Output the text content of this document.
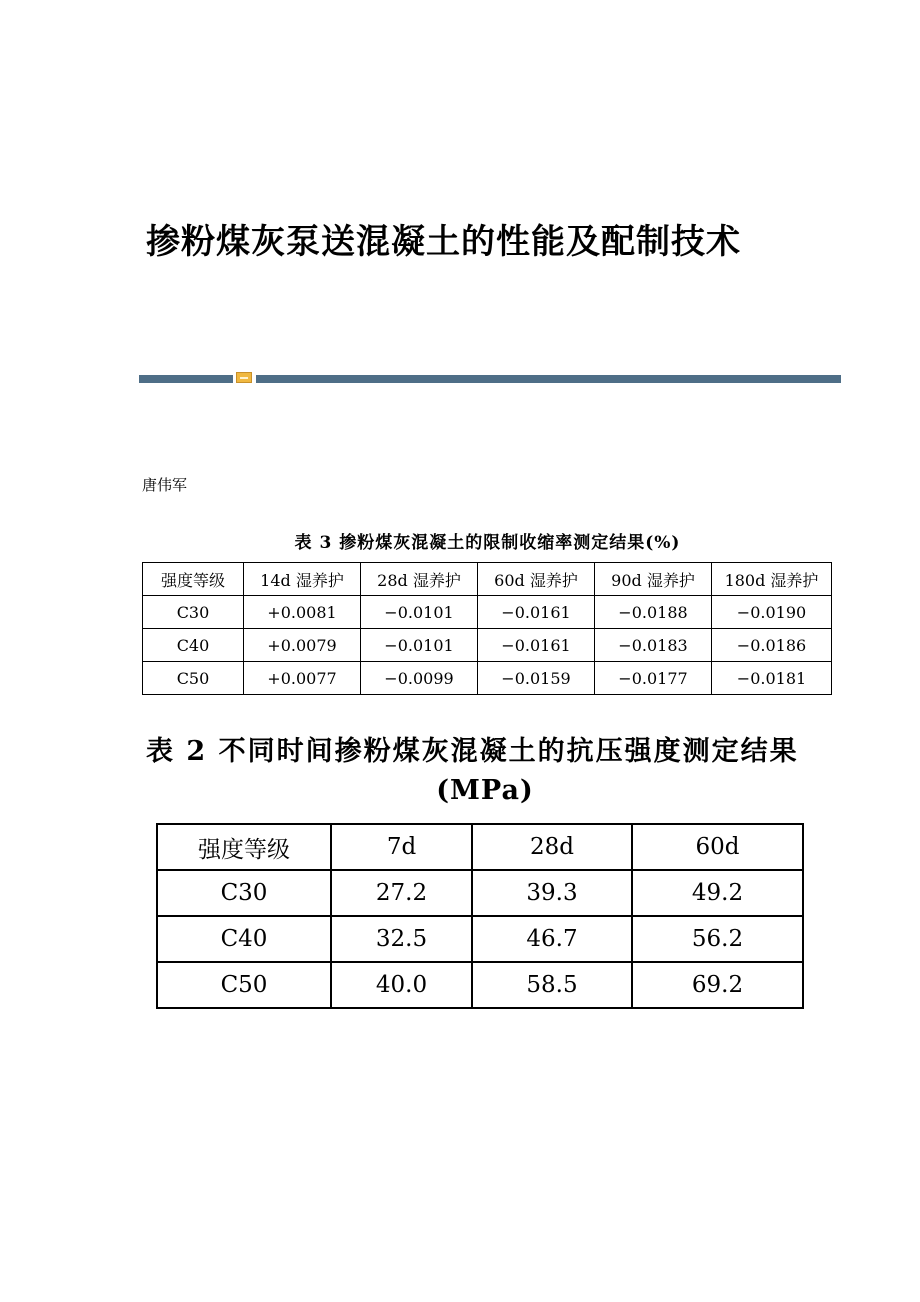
掺粉煤灰泵送混凝土的性能及配制技术
唐伟军
表 3 掺粉煤灰混凝土的限制收缩率测定结果(%)
强度等级	14d 湿养护	28d 湿养护	60d 湿养护	90d 湿养护	180d 湿养护
C30	+0.0081	−0.0101	−0.0161	−0.0188	−0.0190
C40	+0.0079	−0.0101	−0.0161	−0.0183	−0.0186
C50	+0.0077	−0.0099	−0.0159	−0.0177	−0.0181
表 2 不同时间掺粉煤灰混凝土的抗压强度测定结果
(MPa)
强度等级	7d	28d	60d
C30	27.2	39.3	49.2
C40	32.5	46.7	56.2
C50	40.0	58.5	69.2
